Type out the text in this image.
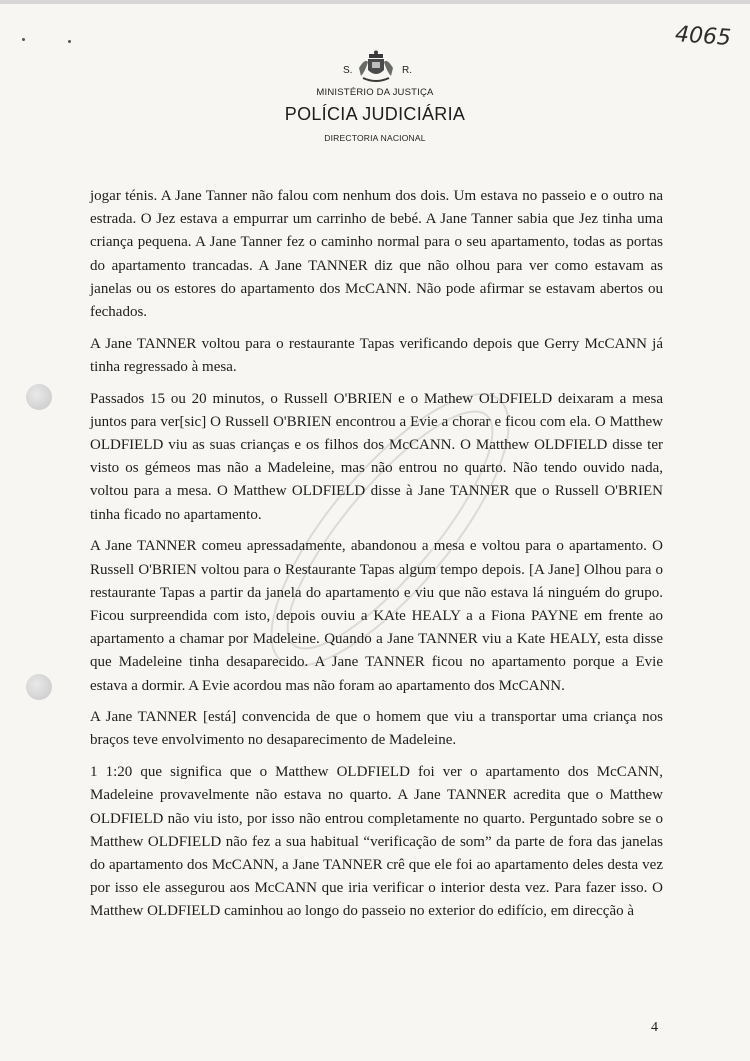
4065
S.	R.
MINISTÉRIO DA JUSTIÇA
POLÍCIA JUDICIÁRIA
DIRECTORIA NACIONAL

jogar ténis. A Jane Tanner não falou com nenhum dos dois. Um estava no passeio e o outro na estrada. O Jez estava a empurrar um carrinho de bebé. A Jane Tanner sabia que Jez tinha uma criança pequena. A Jane Tanner fez o caminho normal para o seu apartamento, todas as portas do apartamento trancadas. A Jane TANNER diz que não olhou para ver como estavam as janelas ou os estores do apartamento dos McCANN. Não pode afirmar se estavam abertos ou fechados.

A Jane TANNER voltou para o restaurante Tapas verificando depois que Gerry McCANN já tinha regressado à mesa.

Passados 15 ou 20 minutos, o Russell O'BRIEN e o Mathew OLDFIELD deixaram a mesa juntos para ver[sic] O Russell O'BRIEN encontrou a Evie a chorar e ficou com ela. O Matthew OLDFIELD viu as suas crianças e os filhos dos McCANN. O Matthew OLDFIELD disse ter visto os gémeos mas não a Madeleine, mas não entrou no quarto. Não tendo ouvido nada, voltou para a mesa. O Matthew OLDFIELD disse à Jane TANNER que o Russell O'BRIEN tinha ficado no apartamento.

A Jane TANNER comeu apressadamente, abandonou a mesa e voltou para o apartamento. O Russell O'BRIEN voltou para o Restaurante Tapas algum tempo depois. [A Jane] Olhou para o restaurante Tapas a partir da janela do apartamento e viu que não estava lá ninguém do grupo. Ficou surpreendida com isto, depois ouviu a KAte HEALY a a Fiona PAYNE em frente ao apartamento a chamar por Madeleine. Quando a Jane TANNER viu a Kate HEALY, esta disse que Madeleine tinha desaparecido. A Jane TANNER ficou no apartamento porque a Evie estava a dormir. A Evie acordou mas não foram ao apartamento dos McCANN.

A Jane TANNER [está] convencida de que o homem que viu a transportar uma criança nos braços teve envolvimento no desaparecimento de Madeleine.

1 1:20 que significa que o Matthew OLDFIELD foi ver o apartamento dos McCANN, Madeleine provavelmente não estava no quarto. A Jane TANNER acredita que o Matthew OLDFIELD não viu isto, por isso não entrou completamente no quarto. Perguntado sobre se o Matthew OLDFIELD não fez a sua habitual “verificação de som” da parte de fora das janelas do apartamento dos McCANN, a Jane TANNER crê que ele foi ao apartamento deles desta vez por isso ele assegurou aos McCANN que iria verificar o interior desta vez. Para fazer isso. O Matthew OLDFIELD caminhou ao longo do passeio no exterior do edifício, em direcção à

4
